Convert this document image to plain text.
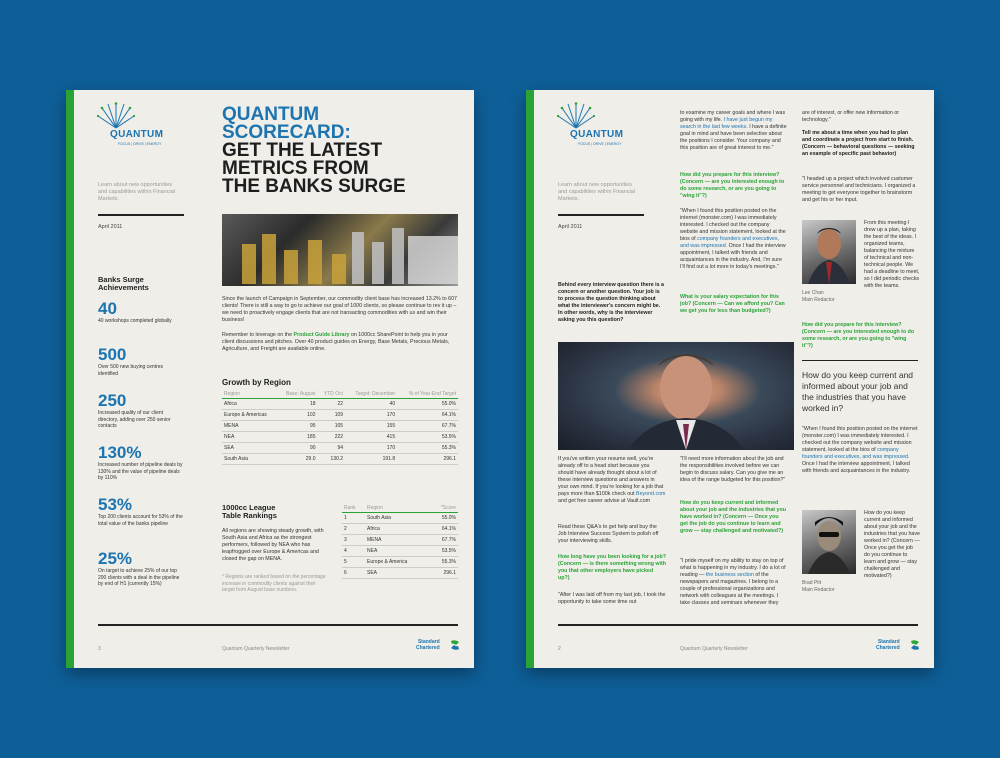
QUANTUM
FOCUS | DRIVE | ENERGY
Learn about new opportunities and capabilities within Financial Markets.
April 2011
QUANTUM
SCORECARD:
GET THE LATEST
METRICS FROM
THE BANKS SURGE
Since the launch of Campaign in September, our commodity client base has increased 13.2% to 607 clients! There is still a way to go to achieve our goal of 1000 clients, so please continue to rev it up – we need to proactively engage clients that are not transacting commodities with us and win their business!
Remember to leverage on the Product Guide Library on 1000cc SharePoint to help you in your client discussions and pitches. Over 40 product guides on Energy, Base Metals, Precious Metals, Agriculture, and Freight are available online.
Banks Surge
Achievements
40
40 workshops completed globally
500
Over 500 new buying centres identified
250
Increased quality of our client directory, adding over 250 senior contacts
130%
Increased number of pipeline deals by 130% and the value of pipeline deals by 110%
53%
Top 200 clients account for 53% of the total value of the banks pipeline
25%
On target to achieve 25% of our top 200 clients with a deal in the pipeline by end of H1 (currently 15%)
Growth by Region
Region	Base: August	YTD Oct	Target: December	% of Year-End Target
Africa	18	22	40	55.0%
Europe & Americas	102	109	170	64.1%
MENA	95	105	155	67.7%
NEA	185	222	415	53.5%
SEA	90	94	170	55.3%
South Asia	29.0	130.2	191.8	296.1
1000cc League
Table Rankings
All regions are showing steady growth, with South Asia and Africa as the strongest performers, followed by NEA who has leapfrogged over Europe & Americas and closed the gap on MENA.
* Regions are ranked based on the percentage increase in commodity clients against their target from August base numbers.
Rank	Region	*Score
1	South Asia	55.0%
2	Africa	64.1%
3	MENA	67.7%
4	NEA	53.5%
5	Europe & America	55.3%
6	SEA	296.1
3	Quantum Quarterly Newsletter
Standard
Chartered
QUANTUM
FOCUS | DRIVE | ENERGY
Learn about new opportunities and capabilities within Financial Markets.
April 2011
Behind every interview question there is a concern or another question. Your job is to process the question thinking about what the interviewer's concern might be. In other words, why is the interviewer asking you this question?
If you've written your resume well, you're already off to a head start because you should have already thought about a lot of these interview questions and answers in your own mind. If you're looking for a job that pays more than $100k check out Beyond.com and get free career advise at Vault.com
Read these Q&A's to get help and buy the Job Interview Success System to polish off your interviewing skills.
How long have you been looking for a job? (Concern — is there something wrong with you that other employers have picked up?)
"After I was laid off from my last job, I took the opportunity to take some time out
to examine my career goals and where I was going with my life. I have just begun my search in the last few weeks. I have a definite goal in mind and have been selective about the positions I consider. Your company and this position are of great interest to me."
How did you prepare for this interview? (Concern — are you interested enough to do some research, or are you going to "wing it"?)
"When I found this position posted on the internet (monster.com) I was immediately interested. I checked out the company website and mission statement, looked at the bios of company founders and executives, and was impressed. Once I had the interview appointment, I talked with friends and acquaintances in the industry. And, I'm sure I'll find out a lot more in today's meetings."
What is your salary expectation for this job? (Concern — Can we afford you? Can we get you for less than budgeted?)
"I'll need more information about the job and the responsibilities involved before we can begin to discuss salary. Can you give me an idea of the range budgeted for this position?"
How do you keep current and informed about your job and the industries that you have worked in? (Concern — Once you get the job do you continue to learn and grow — stay challenged and motivated?)
"I pride myself on my ability to stay on top of what is happening in my industry. I do a lot of reading — the business section of the newspapers and magazines. I belong to a couple of professional organizations and network with colleagues at the meetings. I take classes and seminars whenever they
are of interest, or offer new information or technology."
Tell me about a time when you had to plan and coordinate a project from start to finish. (Concern — behavioral questions — seeking an example of specific past behavior)
"I headed up a project which involved customer service personnel and technicians. I organized a meeting to get everyone together to brainstorm and get his or her input.
From this meeting I drew up a plan, taking the best of the ideas. I organized teams, balancing the mixture of technical and non-technical people. We had a deadline to meet, so I did periodic checks with the teams.
Lee Chan
Main Redactor
How did you prepare for this interview? (Concern — are you interested enough to do some research, or are you going to "wing it"?)
How do you keep current and informed about your job and the industries that you have worked in?
"When I found this position posted on the internet (monster.com) I was immediately interested. I checked out the company website and mission statement, looked at the bios of company founders and executives, and was impressed. Once I had the interview appointment, I talked with friends and acquaintances in the industry.
How do you keep current and informed about your job and the industries that you have worked in? (Concern — Once you get the job do you continue to learn and grow — stay challenged and motivated?)
Brad Pitt
Main Redactor
2	Quantum Quarterly Newsletter
Standard
Chartered
